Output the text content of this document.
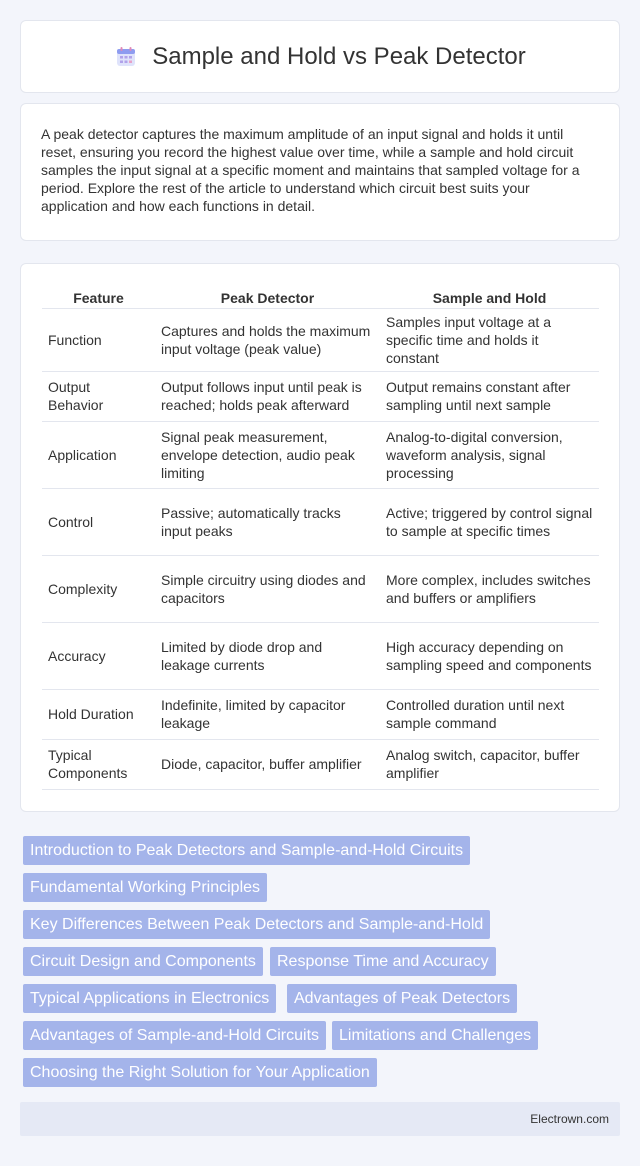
Sample and Hold vs Peak Detector

A peak detector captures the maximum amplitude of an input signal and holds it until reset, ensuring you record the highest value over time, while a sample and hold circuit samples the input signal at a specific moment and maintains that sampled voltage for a period. Explore the rest of the article to understand which circuit best suits your application and how each functions in detail.

Feature	Peak Detector	Sample and Hold
Function	Captures and holds the maximum input voltage (peak value)	Samples input voltage at a specific time and holds it constant
Output Behavior	Output follows input until peak is reached; holds peak afterward	Output remains constant after sampling until next sample
Application	Signal peak measurement, envelope detection, audio peak limiting	Analog-to-digital conversion, waveform analysis, signal processing
Control	Passive; automatically tracks input peaks	Active; triggered by control signal to sample at specific times
Complexity	Simple circuitry using diodes and capacitors	More complex, includes switches and buffers or amplifiers
Accuracy	Limited by diode drop and leakage currents	High accuracy depending on sampling speed and components
Hold Duration	Indefinite, limited by capacitor leakage	Controlled duration until next sample command
Typical Components	Diode, capacitor, buffer amplifier	Analog switch, capacitor, buffer amplifier
Introduction to Peak Detectors and Sample-and-Hold Circuits
Fundamental Working Principles
Key Differences Between Peak Detectors and Sample-and-Hold
Circuit Design and Components	Response Time and Accuracy
Typical Applications in Electronics	Advantages of Peak Detectors
Advantages of Sample-and-Hold Circuits	Limitations and Challenges
Choosing the Right Solution for Your Application
Electrown.com
